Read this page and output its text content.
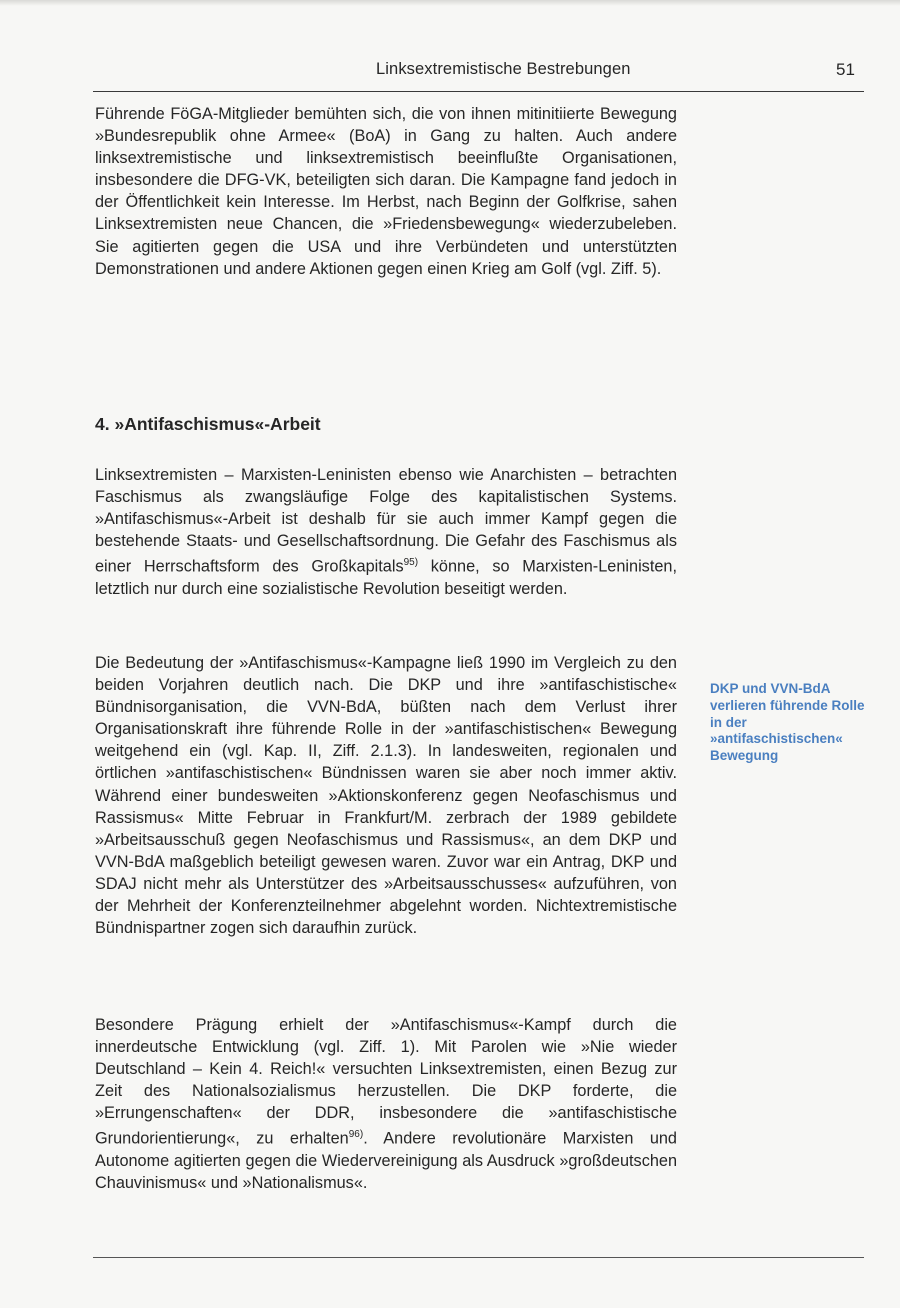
Linksextremistische Bestrebungen	51

Führende FöGA-Mitglieder bemühten sich, die von ihnen mitinitiierte Bewegung »Bundesrepublik ohne Armee« (BoA) in Gang zu halten. Auch andere linksextremistische und linksextremistisch beeinflußte Organisationen, insbesondere die DFG-VK, beteiligten sich daran. Die Kampagne fand jedoch in der Öffentlichkeit kein Interesse. Im Herbst, nach Beginn der Golfkrise, sahen Linksextremisten neue Chancen, die »Friedensbewegung« wiederzubeleben. Sie agitierten gegen die USA und ihre Verbündeten und unterstützten Demonstrationen und andere Aktionen gegen einen Krieg am Golf (vgl. Ziff. 5).

4. »Antifaschismus«-Arbeit

Linksextremisten – Marxisten-Leninisten ebenso wie Anarchisten – betrachten Faschismus als zwangsläufige Folge des kapitalistischen Systems. »Antifaschismus«-Arbeit ist deshalb für sie auch immer Kampf gegen die bestehende Staats- und Gesellschaftsordnung. Die Gefahr des Faschismus als einer Herrschaftsform des Großkapitals$^{95)}$ könne, so Marxisten-Leninisten, letztlich nur durch eine sozialistische Revolution beseitigt werden.

Die Bedeutung der »Antifaschismus«-Kampagne ließ 1990 im Vergleich zu den beiden Vorjahren deutlich nach. Die DKP und ihre »antifaschistische« Bündnisorganisation, die VVN-BdA, büßten nach dem Verlust ihrer Organisationskraft ihre führende Rolle in der »antifaschistischen« Bewegung weitgehend ein (vgl. Kap. II, Ziff. 2.1.3). In landesweiten, regionalen und örtlichen »antifaschistischen« Bündnissen waren sie aber noch immer aktiv. Während einer bundesweiten »Aktionskonferenz gegen Neofaschismus und Rassismus« Mitte Februar in Frankfurt/M. zerbrach der 1989 gebildete »Arbeitsausschuß gegen Neofaschismus und Rassismus«, an dem DKP und VVN-BdA maßgeblich beteiligt gewesen waren. Zuvor war ein Antrag, DKP und SDAJ nicht mehr als Unterstützer des »Arbeitsausschusses« aufzuführen, von der Mehrheit der Konferenzteilnehmer abgelehnt worden. Nichtextremistische Bündnispartner zogen sich daraufhin zurück.

DKP und VVN-BdA verlieren führende Rolle in der »antifaschistischen« Bewegung

Besondere Prägung erhielt der »Antifaschismus«-Kampf durch die innerdeutsche Entwicklung (vgl. Ziff. 1). Mit Parolen wie »Nie wieder Deutschland – Kein 4. Reich!« versuchten Linksextremisten, einen Bezug zur Zeit des Nationalsozialismus herzustellen. Die DKP forderte, die »Errungenschaften« der DDR, insbesondere die »antifaschistische Grundorientierung«, zu erhalten$^{96)}$. Andere revolutionäre Marxisten und Autonome agitierten gegen die Wiedervereinigung als Ausdruck »großdeutschen Chauvinismus« und »Nationalismus«.
